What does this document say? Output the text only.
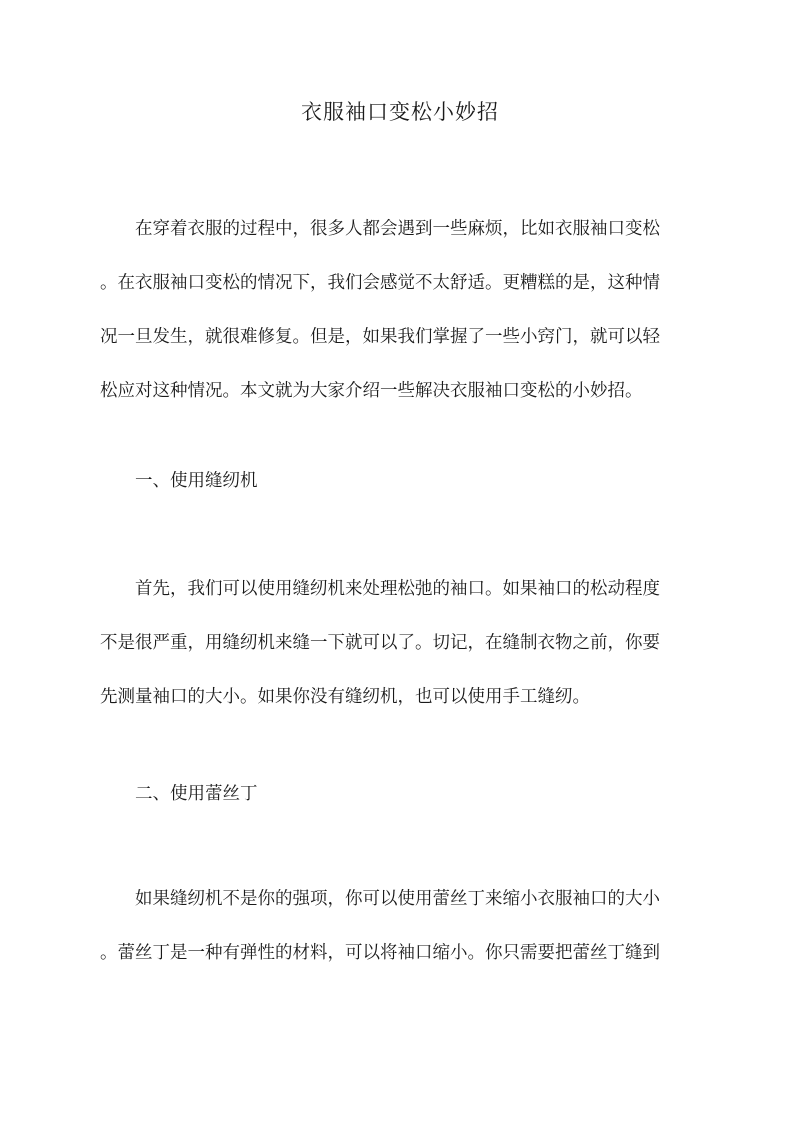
衣服袖口变松小妙招
在穿着衣服的过程中，很多人都会遇到一些麻烦，比如衣服袖口变松
。在衣服袖口变松的情况下，我们会感觉不太舒适。更糟糕的是，这种情
况一旦发生，就很难修复。但是，如果我们掌握了一些小窍门，就可以轻
松应对这种情况。本文就为大家介绍一些解决衣服袖口变松的小妙招。
一、使用缝纫机
首先，我们可以使用缝纫机来处理松弛的袖口。如果袖口的松动程度
不是很严重，用缝纫机来缝一下就可以了。切记，在缝制衣物之前，你要
先测量袖口的大小。如果你没有缝纫机，也可以使用手工缝纫。
二、使用蕾丝丁
如果缝纫机不是你的强项，你可以使用蕾丝丁来缩小衣服袖口的大小
。蕾丝丁是一种有弹性的材料，可以将袖口缩小。你只需要把蕾丝丁缝到
